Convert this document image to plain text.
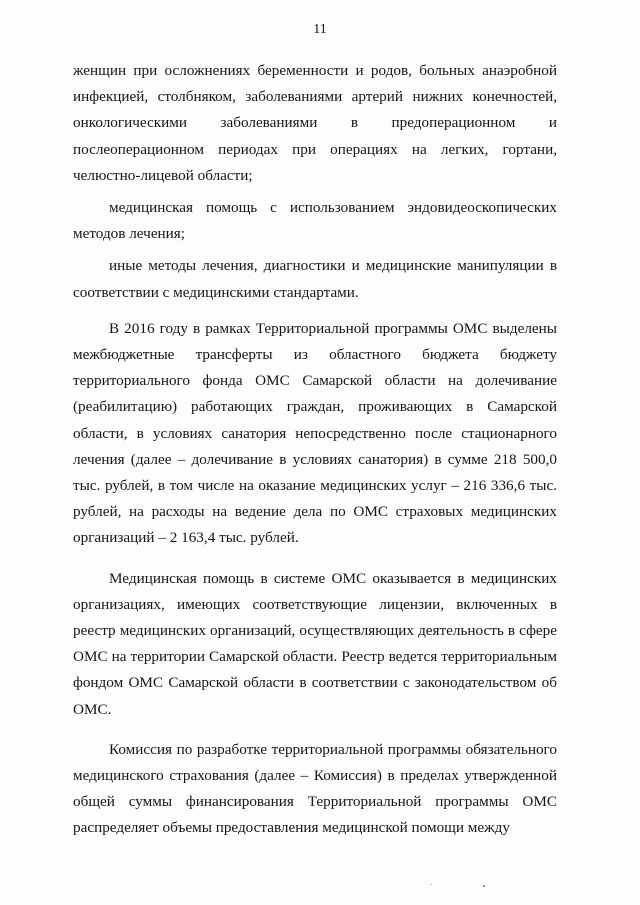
11

женщин при осложнениях беременности и родов, больных анаэробной инфекцией, столбняком, заболеваниями артерий нижних конечностей, онкологическими заболеваниями в предоперационном и послеоперационном периодах при операциях на легких, гортани, челюстно-лицевой области;

медицинская помощь с использованием эндовидеоскопических методов лечения;

иные методы лечения, диагностики и медицинские манипуляции в соответствии с медицинскими стандартами.

В 2016 году в рамках Территориальной программы ОМС выделены межбюджетные трансферты из областного бюджета бюджету территориального фонда ОМС Самарской области на долечивание (реабилитацию) работающих граждан, проживающих в Самарской области, в условиях санатория непосредственно после стационарного лечения (далее – долечивание в условиях санатория) в сумме 218 500,0 тыс. рублей, в том числе на оказание медицинских услуг – 216 336,6 тыс. рублей, на расходы на ведение дела по ОМС страховых медицинских организаций – 2 163,4 тыс. рублей.

Медицинская помощь в системе ОМС оказывается в медицинских организациях, имеющих соответствующие лицензии, включенных в реестр медицинских организаций, осуществляющих деятельность в сфере ОМС на территории Самарской области. Реестр ведется территориальным фондом ОМС Самарской области в соответствии с законодательством об ОМС.

Комиссия по разработке территориальной программы обязательного медицинского страхования (далее – Комиссия) в пределах утвержденной общей суммы финансирования Территориальной программы ОМС распределяет объемы предоставления медицинской помощи между
